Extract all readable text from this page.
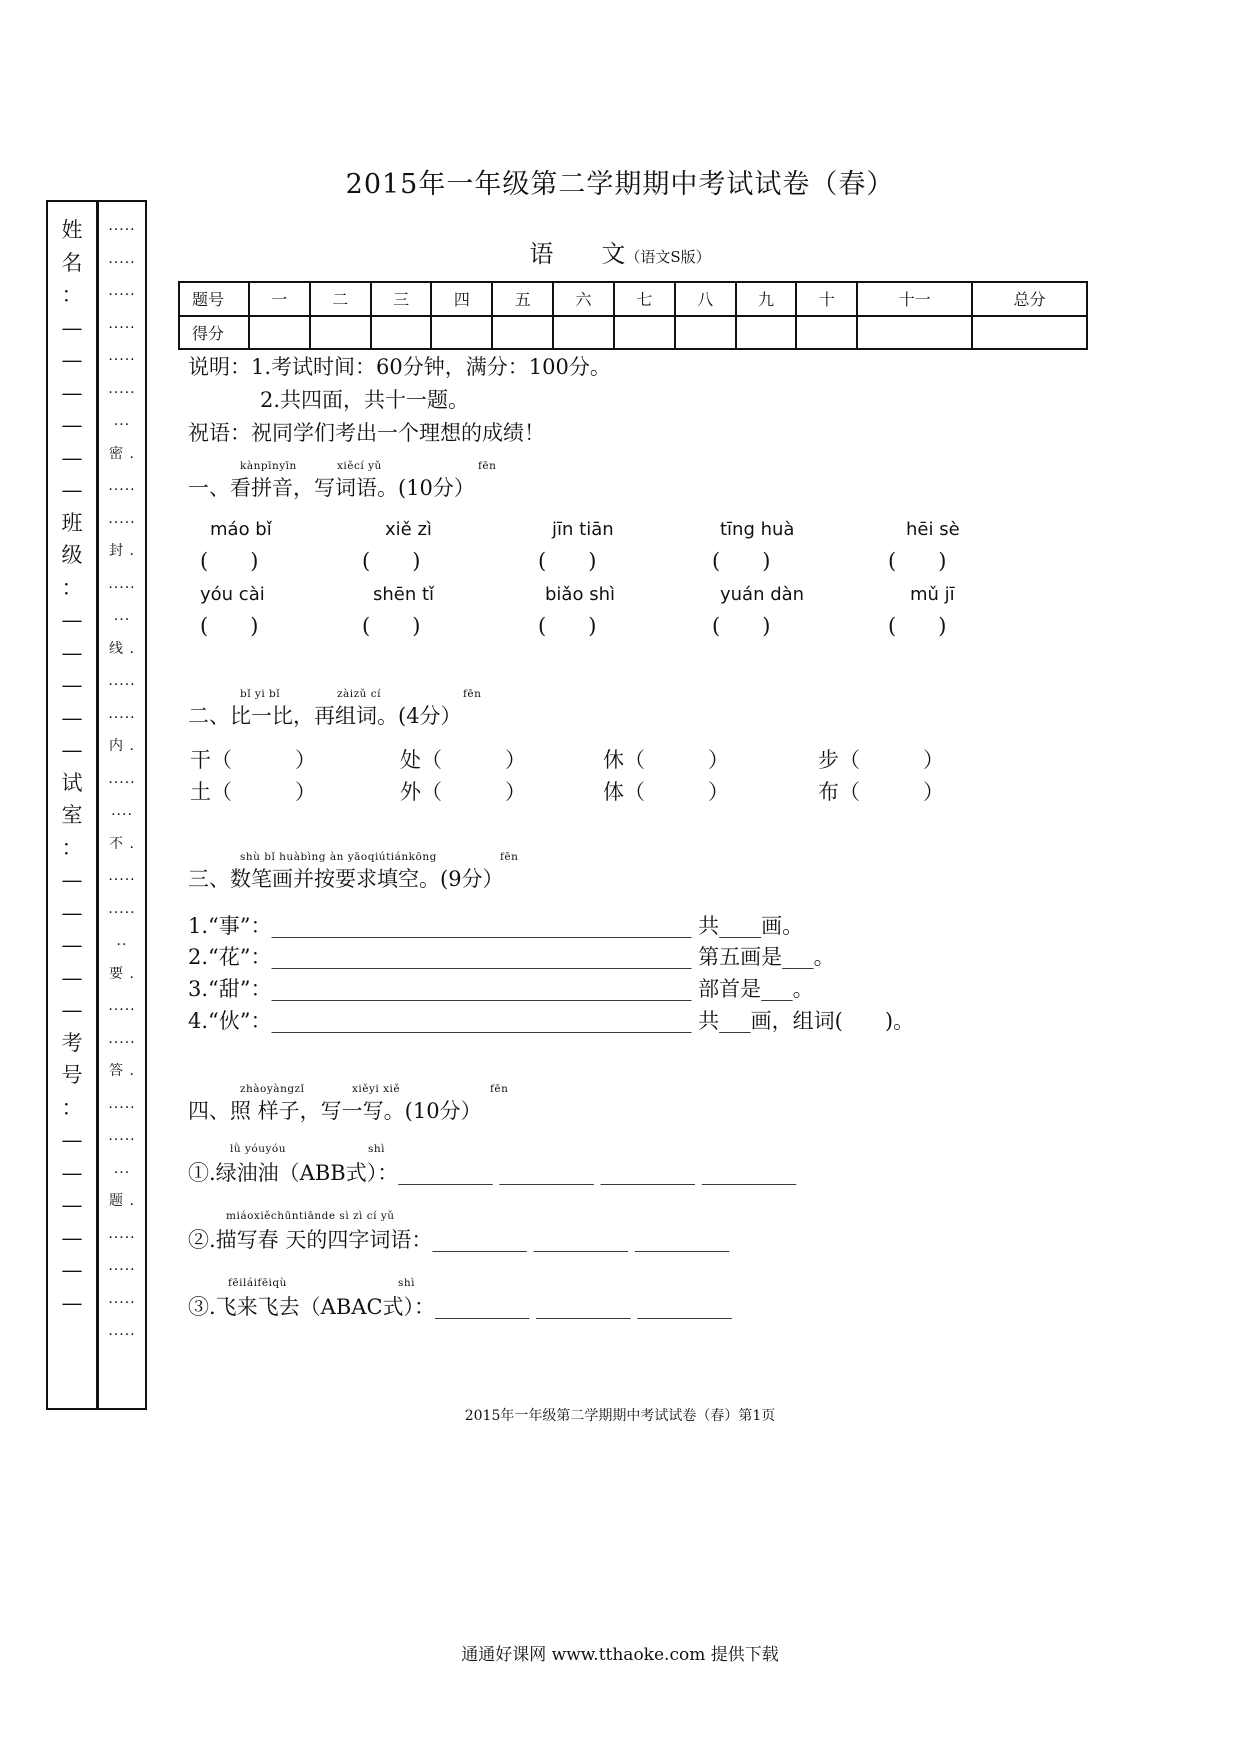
姓
名
：
—
—
—
—
—
—
班
级
：
—
—
—
—
—
试
室
：
—
—
—
—
—
考
号
：
—
—
—
—
—
—
.....
.....
.....
.....
.....
.....
...
密 .
.....
.....
封 .
.....
...
线 .
.....
.....
内 .
.....
....
不 .
.....
.....
..
要 .
.....
.....
答 .
.....
.....
...
题 .
.....
.....
.....
.....
2015年一年级第二学期期中考试试卷（春）
语　　文（语文S版）
题号	一	二	三	四	五	六	七	八	九	十	十一	总分
得分												
说明：1.考试时间：60分钟，满分：100分。
2.共四面，共十一题。
祝语：祝同学们考出一个理想的成绩！
kànpīnyīn	xiěcí yǔ	fēn
一、看拼音，写词语。(10分）
máo bǐ	xiě zì	jīn tiān	tīng huà	hēi sè
(　　)	(　　)	(　　)	(　　)	(　　)
yóu cài	shēn tǐ	biǎo shì	yuán dàn	mǔ jī
(　　)	(　　)	(　　)	(　　)	(　　)
bǐ yi bǐ	zàizǔ cí	fēn
二、比一比，再组词。(4分）
干（　　　）	处（　　　）	休（　　　）	步（　　　）
土（　　　）	外（　　　）	体（　　　）	布（　　　）
shù bǐ huàbìng àn yāoqiútiánkōng	fēn
三、数笔画并按要求填空。(9分）
1.“事”：________________________________________ 共____画。
2.“花”：________________________________________ 第五画是___。
3.“甜”：________________________________________ 部首是___。
4.“伙”：________________________________________ 共___画，组词(　　)。
zhàoyàngzǐ	xiěyi xiě	fēn
四、照 样子，写一写。(10分）
lǜ yóuyóu	shì
①.绿油油（ABB式）：_________ _________ _________ _________
miáoxiěchūntiānde sì zì cí yǔ
②.描写春 天的四字词语：_________ _________ _________
fēiláifēiqù	shì
③.飞来飞去（ABAC式）：_________ _________ _________
2015年一年级第二学期期中考试试卷（春）第1页
通通好课网 www.tthaoke.com 提供下载
